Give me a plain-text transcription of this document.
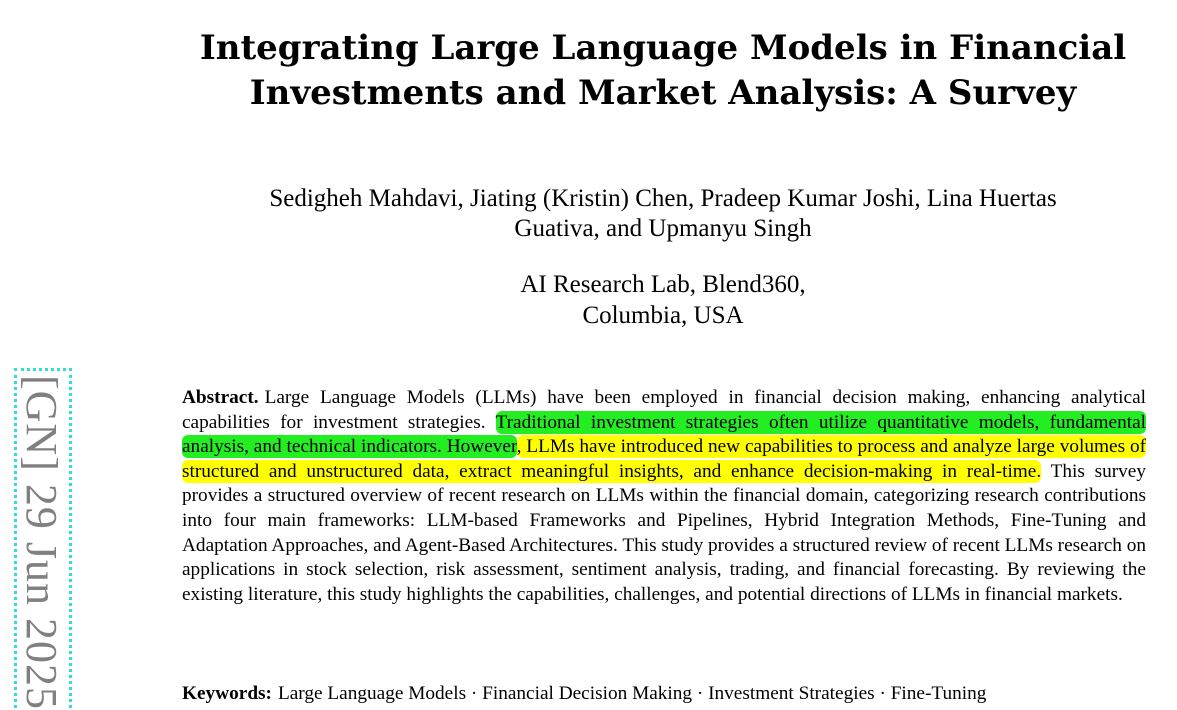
Integrating Large Language Models in Financial
Investments and Market Analysis: A Survey

Sedigheh Mahdavi, Jiating (Kristin) Chen, Pradeep Kumar Joshi, Lina Huertas
Guativa, and Upmanyu Singh

AI Research Lab, Blend360,
Columbia, USA

Abstract. Large Language Models (LLMs) have been employed in financial decision making, enhancing analytical capabilities for investment strategies. Traditional investment strategies often utilize quantitative models, fundamental analysis, and technical indicators. However, LLMs have introduced new capabilities to process and analyze large volumes of structured and unstructured data, extract meaningful insights, and enhance decision-making in real-time. This survey provides a structured overview of recent research on LLMs within the financial domain, categorizing research contributions into four main frameworks: LLM-based Frameworks and Pipelines, Hybrid Integration Methods, Fine-Tuning and Adaptation Approaches, and Agent-Based Architectures. This study provides a structured review of recent LLMs research on applications in stock selection, risk assessment, sentiment analysis, trading, and financial forecasting. By reviewing the existing literature, this study highlights the capabilities, challenges, and potential directions of LLMs in financial markets.

Keywords: Large Language Models · Financial Decision Making · Investment Strategies · Fine-Tuning

[GN] 29 Jun 2025
